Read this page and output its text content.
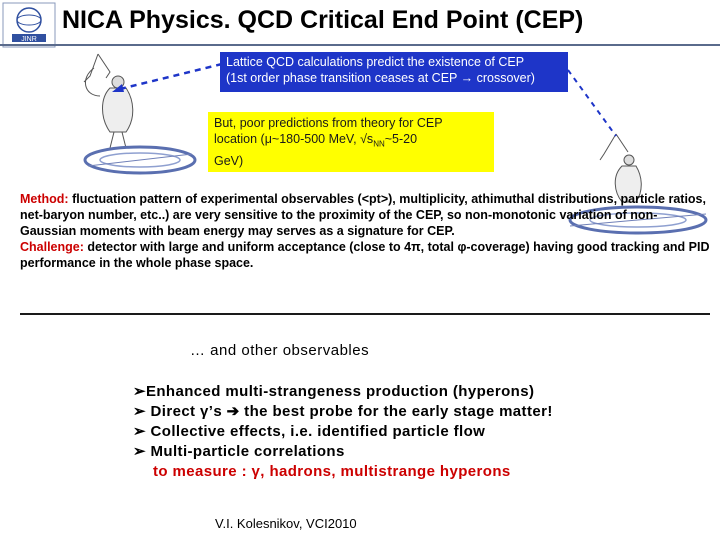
JINR
NICA Physics. QCD Critical End Point (CEP)
Lattice QCD calculations predict the existence of CEP
(1st order phase transition ceases at CEP → crossover)
But, poor predictions from theory for CEP
location (μ~180-500 MeV, $√s_{NN}\sim 5-20$
GeV)
Method: fluctuation pattern of experimental observables (<pt>), multiplicity, athimuthal distributions, particle ratios, net-baryon number, etc..) are very sensitive to the proximity of the CEP, so non-monotonic variation of non-Gaussian moments with beam energy may serves as a signature for CEP.
Challenge: detector with large and uniform acceptance (close to 4π, total φ-coverage) having good tracking and PID performance in the whole phase space.
… and other observables
➢Enhanced multi-strangeness production (hyperons)
➢ Direct γ’s ➔ the best probe for the early stage matter!
➢ Collective effects, i.e. identified particle flow
➢ Multi-particle correlations
to measure : γ, hadrons, multistrange hyperons
V.I. Kolesnikov, VCI2010
